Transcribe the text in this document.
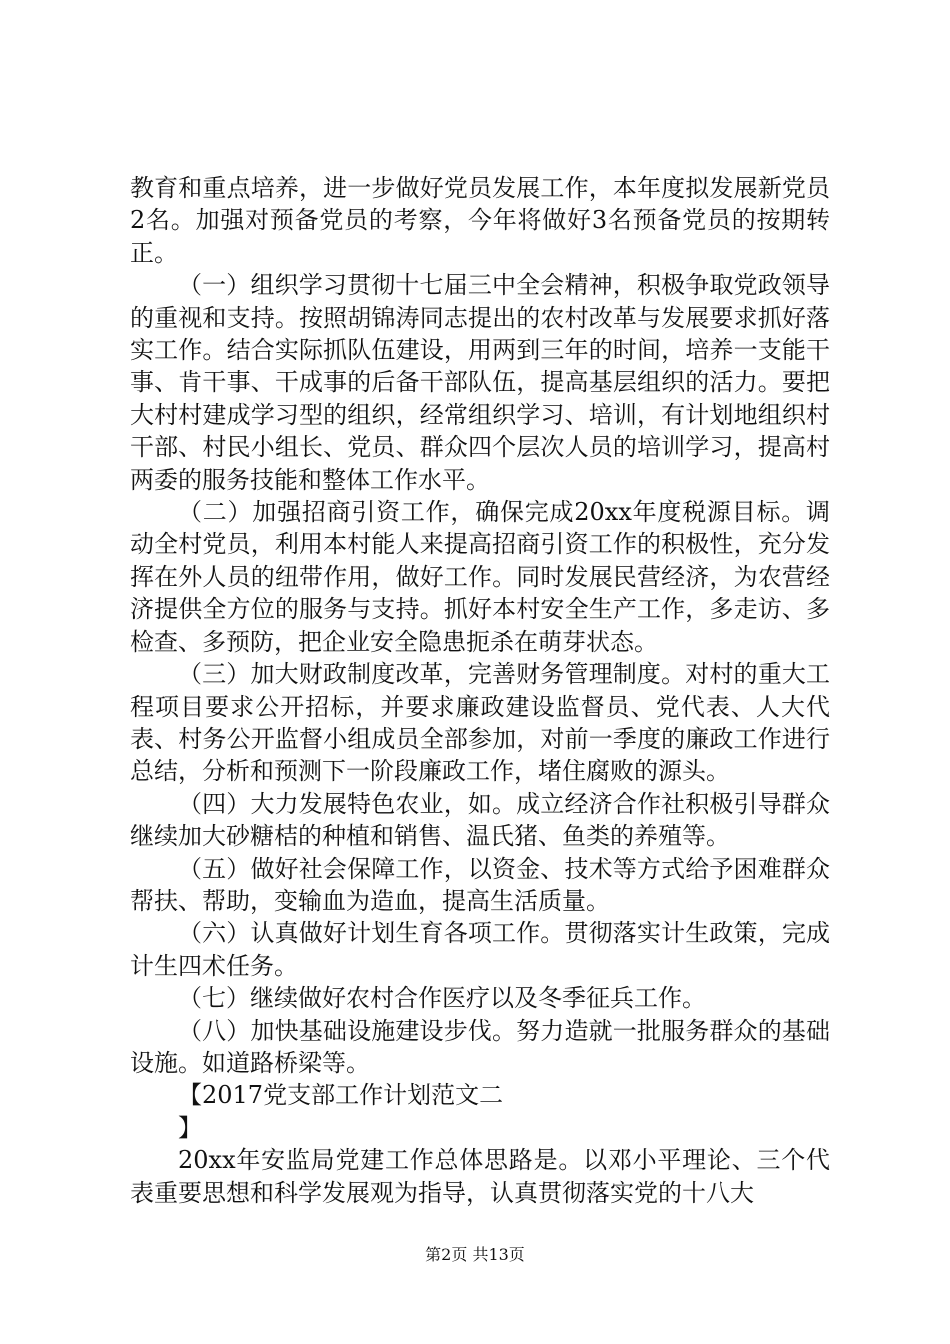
教育和重点培养，进一步做好党员发展工作，本年度拟发展新党员2名。加强对预备党员的考察，今年将做好3名预备党员的按期转正。

（一）组织学习贯彻十七届三中全会精神，积极争取党政领导的重视和支持。按照胡锦涛同志提出的农村改革与发展要求抓好落实工作。结合实际抓队伍建设，用两到三年的时间，培养一支能干事、肯干事、干成事的后备干部队伍，提高基层组织的活力。要把大村村建成学习型的组织，经常组织学习、培训，有计划地组织村干部、村民小组长、党员、群众四个层次人员的培训学习，提高村两委的服务技能和整体工作水平。

（二）加强招商引资工作，确保完成20xx年度税源目标。调动全村党员，利用本村能人来提高招商引资工作的积极性，充分发挥在外人员的纽带作用，做好工作。同时发展民营经济，为农营经济提供全方位的服务与支持。抓好本村安全生产工作，多走访、多检查、多预防，把企业安全隐患扼杀在萌芽状态。

（三）加大财政制度改革，完善财务管理制度。对村的重大工程项目要求公开招标，并要求廉政建设监督员、党代表、人大代表、村务公开监督小组成员全部参加，对前一季度的廉政工作进行总结，分析和预测下一阶段廉政工作，堵住腐败的源头。

（四）大力发展特色农业，如。成立经济合作社积极引导群众继续加大砂糖桔的种植和销售、温氏猪、鱼类的养殖等。

（五）做好社会保障工作，以资金、技术等方式给予困难群众帮扶、帮助，变输血为造血，提高生活质量。

（六）认真做好计划生育各项工作。贯彻落实计生政策，完成计生四术任务。

（七）继续做好农村合作医疗以及冬季征兵工作。

（八）加快基础设施建设步伐。努力造就一批服务群众的基础设施。如道路桥梁等。

【2017党支部工作计划范文二

】

20xx年安监局党建工作总体思路是。以邓小平理论、三个代表重要思想和科学发展观为指导，认真贯彻落实党的十八大

第2页 共13页
